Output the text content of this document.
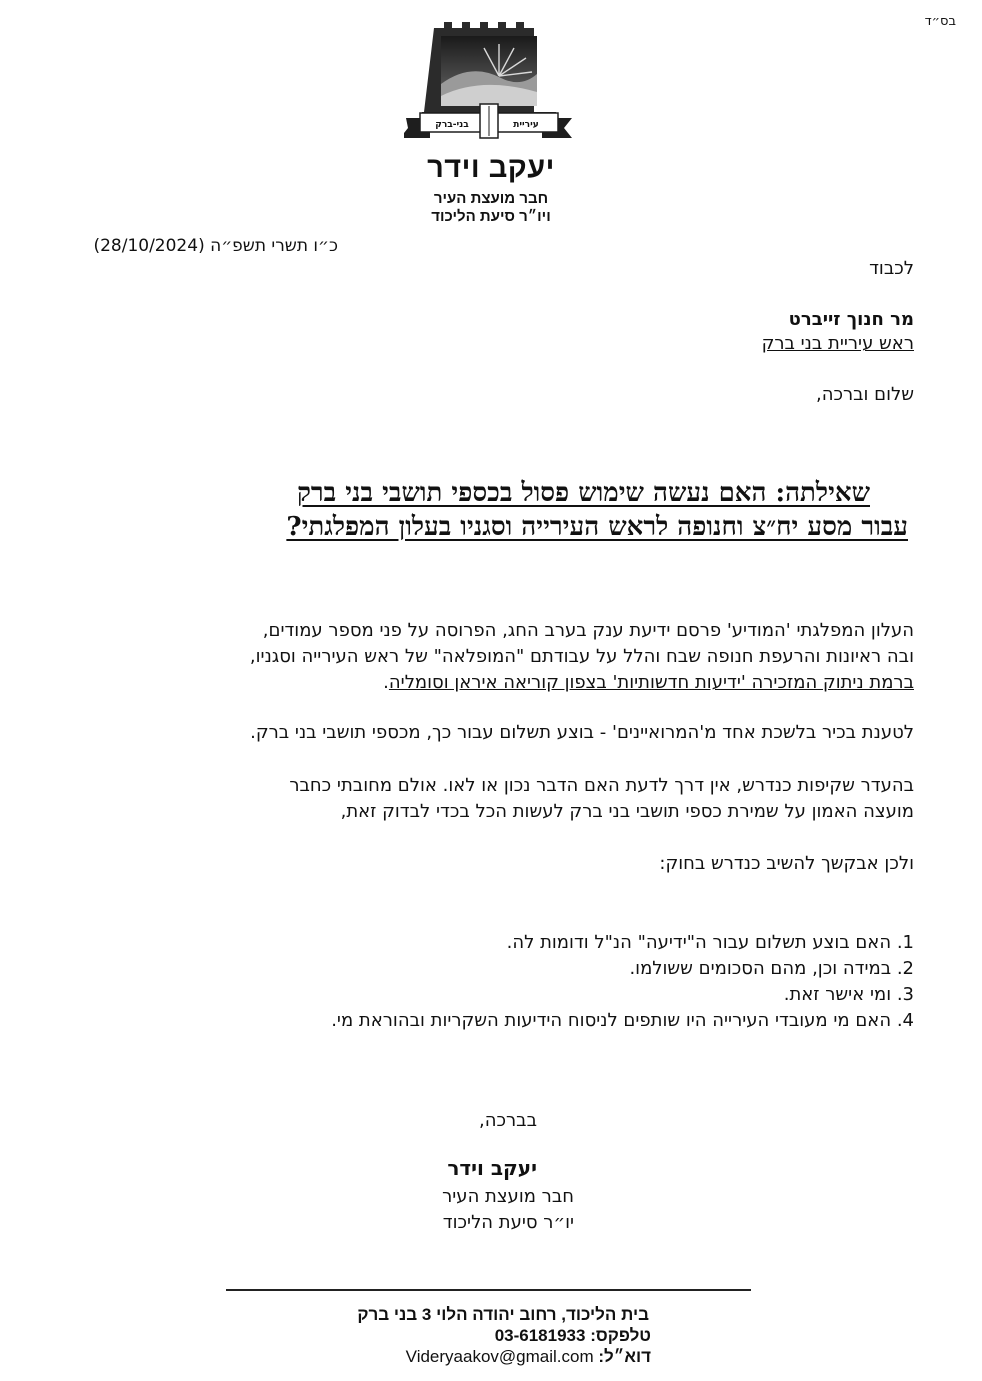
בס״ד
בני-ברק	עיריית
יעקב וידר
חבר מועצת העיר
ויו״ר סיעת הליכוד
כ״ו תשרי תשפ״ה (28/10/2024)
לכבוד
מר חנוך זייברט
ראש עיריית בני ברק
שלום וברכה,
שאילתה: האם נעשה שימוש פסול בכספי תושבי בני ברק
עבור מסע יח״צ וחנופה לראש העירייה וסגניו בעלון המפלגתי?
העלון המפלגתי 'המודיע' פרסם ידיעת ענק בערב החג, הפרוסה על פני מספר עמודים,
ובה ראיונות והרעפת חנופה שבח והלל על עבודתם "המופלאה" של ראש העירייה וסגניו,
ברמת ניתוק המזכירה 'ידיעות חדשותיות' בצפון קוריאה איראן וסומליה.
לטענת בכיר בלשכת אחד מ'המרואיינים' - בוצע תשלום עבור כך, מכספי תושבי בני ברק.
בהעדר שקיפות כנדרש, אין דרך לדעת האם הדבר נכון או לאו. אולם מחובתי כחבר
מועצה האמון על שמירת כספי תושבי בני ברק לעשות הכל בכדי לבדוק זאת,
ולכן אבקשך להשיב כנדרש בחוק:
1. האם בוצע תשלום עבור ה"ידיעה" הנ"ל ודומות לה.
2. במידה וכן, מהם הסכומים ששולמו.
3. ומי אישר זאת.
4. האם מי מעובדי העירייה היו שותפים לניסוח הידיעות השקריות ובהוראת מי.
בברכה,
יעקב וידר
חבר מועצת העיר
יו״ר סיעת הליכוד
בית הליכוד, רחוב יהודה הלוי 3 בני ברק
טלפקס: 03-6181933
דוא״ל: Videryaakov@gmail.com
